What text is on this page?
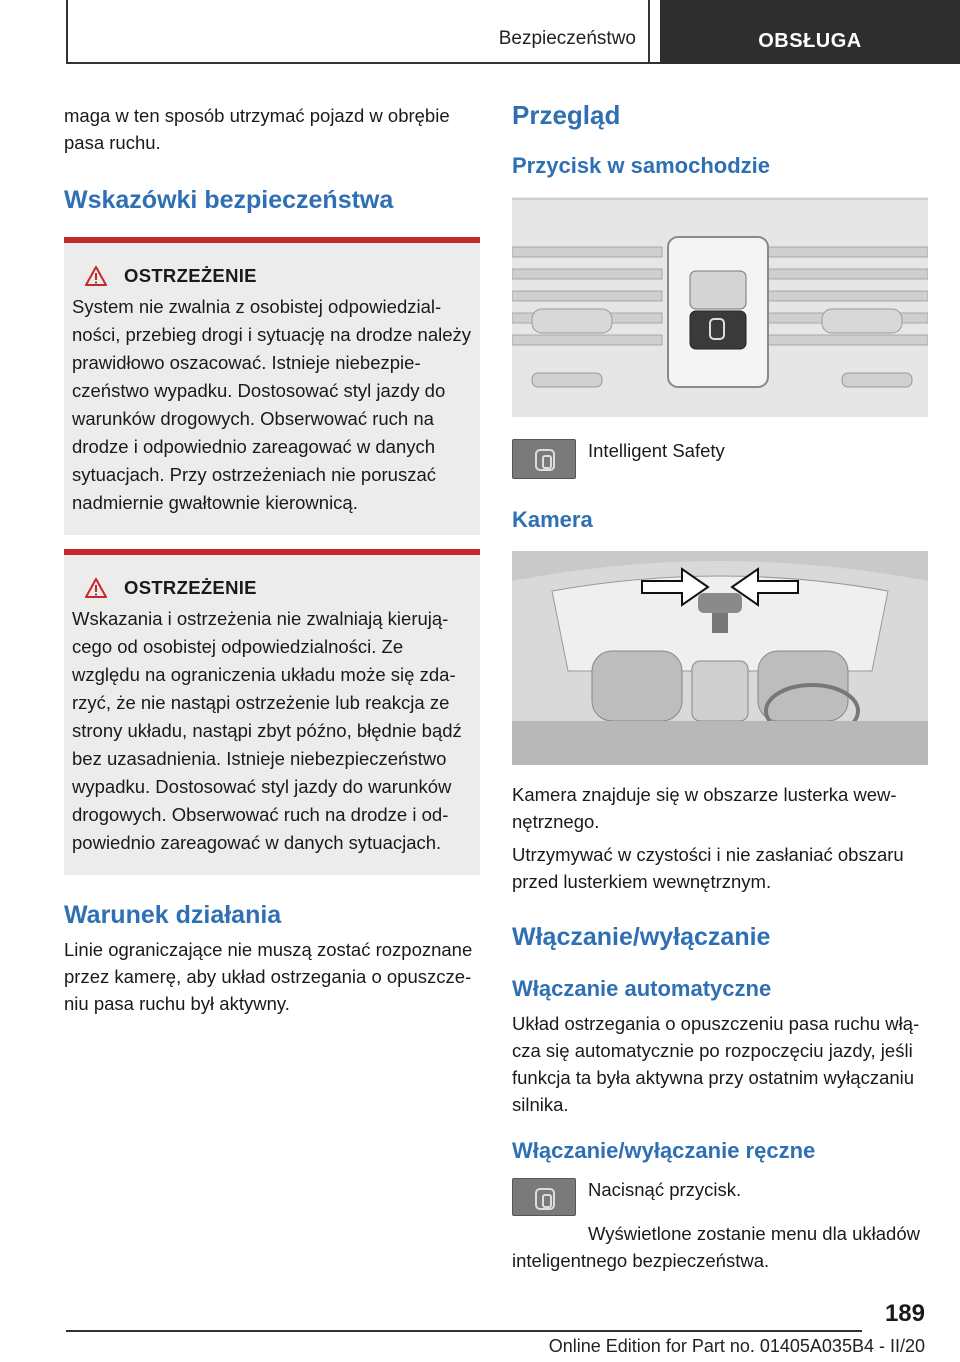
Bezpieczeństwo	OBSŁUGA

maga w ten sposób utrzymać pojazd w obrębie pasa ruchu.

Wskazówki bezpieczeństwa
OSTRZEŻENIE

System nie zwalnia z osobistej odpowiedzialności, przebieg drogi i sytuację na drodze należy prawidłowo oszacować. Istnieje niebezpieczeństwo wypadku. Dostosować styl jazdy do warunków drogowych. Obserwować ruch na drodze i odpowiednio zareagować w danych sytuacjach. Przy ostrzeżeniach nie poruszać nadmiernie gwałtownie kierownicą.

OSTRZEŻENIE

Wskazania i ostrzeżenia nie zwalniają kierującego od osobistej odpowiedzialności. Ze względu na ograniczenia układu może się zdarzyć, że nie nastąpi ostrzeżenie lub reakcja ze strony układu, nastąpi zbyt późno, błędnie bądź bez uzasadnienia. Istnieje niebezpieczeństwo wypadku. Dostosować styl jazdy do warunków drogowych. Obserwować ruch na drodze i odpowiednio zareagować w danych sytuacjach.

Warunek działania

Linie ograniczające nie muszą zostać rozpoznane przez kamerę, aby układ ostrzegania o opuszczeniu pasa ruchu był aktywny.

Przegląd
Przycisk w samochodzie

Intelligent Safety

Kamera

Kamera znajduje się w obszarze lusterka wewnętrznego.

Utrzymywać w czystości i nie zasłaniać obszaru przed lusterkiem wewnętrznym.

Włączanie/wyłączanie
Włączanie automatyczne

Układ ostrzegania o opuszczeniu pasa ruchu włącza się automatycznie po rozpoczęciu jazdy, jeśli funkcja ta była aktywna przy ostatnim wyłączaniu silnika.

Włączanie/wyłączanie ręczne

Nacisnąć przycisk.

Wyświetlone zostanie menu dla układów inteligentnego bezpieczeństwa.

189
Online Edition for Part no. 01405A035B4 - II/20
